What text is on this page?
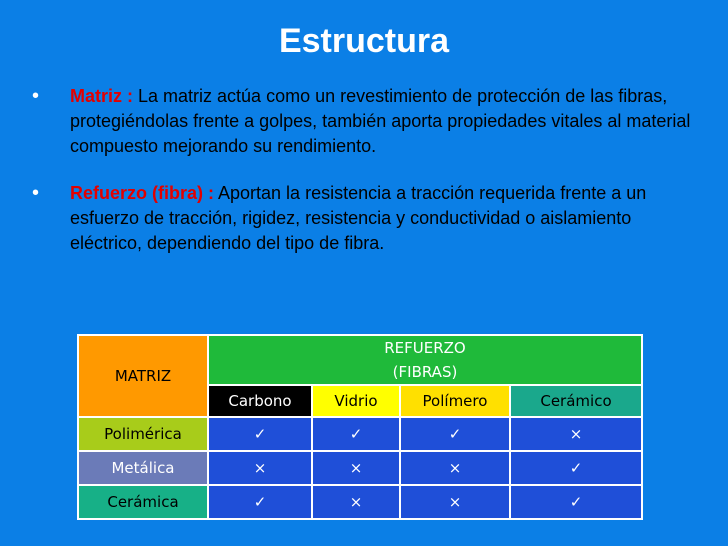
Estructura
•	Matriz : La matriz actúa como un revestimiento de protección de las fibras, protegiéndolas frente a golpes, también aporta propiedades vitales al material compuesto mejorando su rendimiento.
•	Refuerzo (fibra) : Aportan la resistencia a tracción requerida frente a un esfuerzo de tracción, rigidez, resistencia y conductividad o aislamiento eléctrico, dependiendo del tipo de fibra.
MATRIZ	REFUERZO
(FIBRAS)			

	Carbono	Vidrio	Polímero	Cerámico
Polimérica	✓	✓	✓	×
Metálica	×	×	×	✓
Cerámica	✓	×	×	✓
